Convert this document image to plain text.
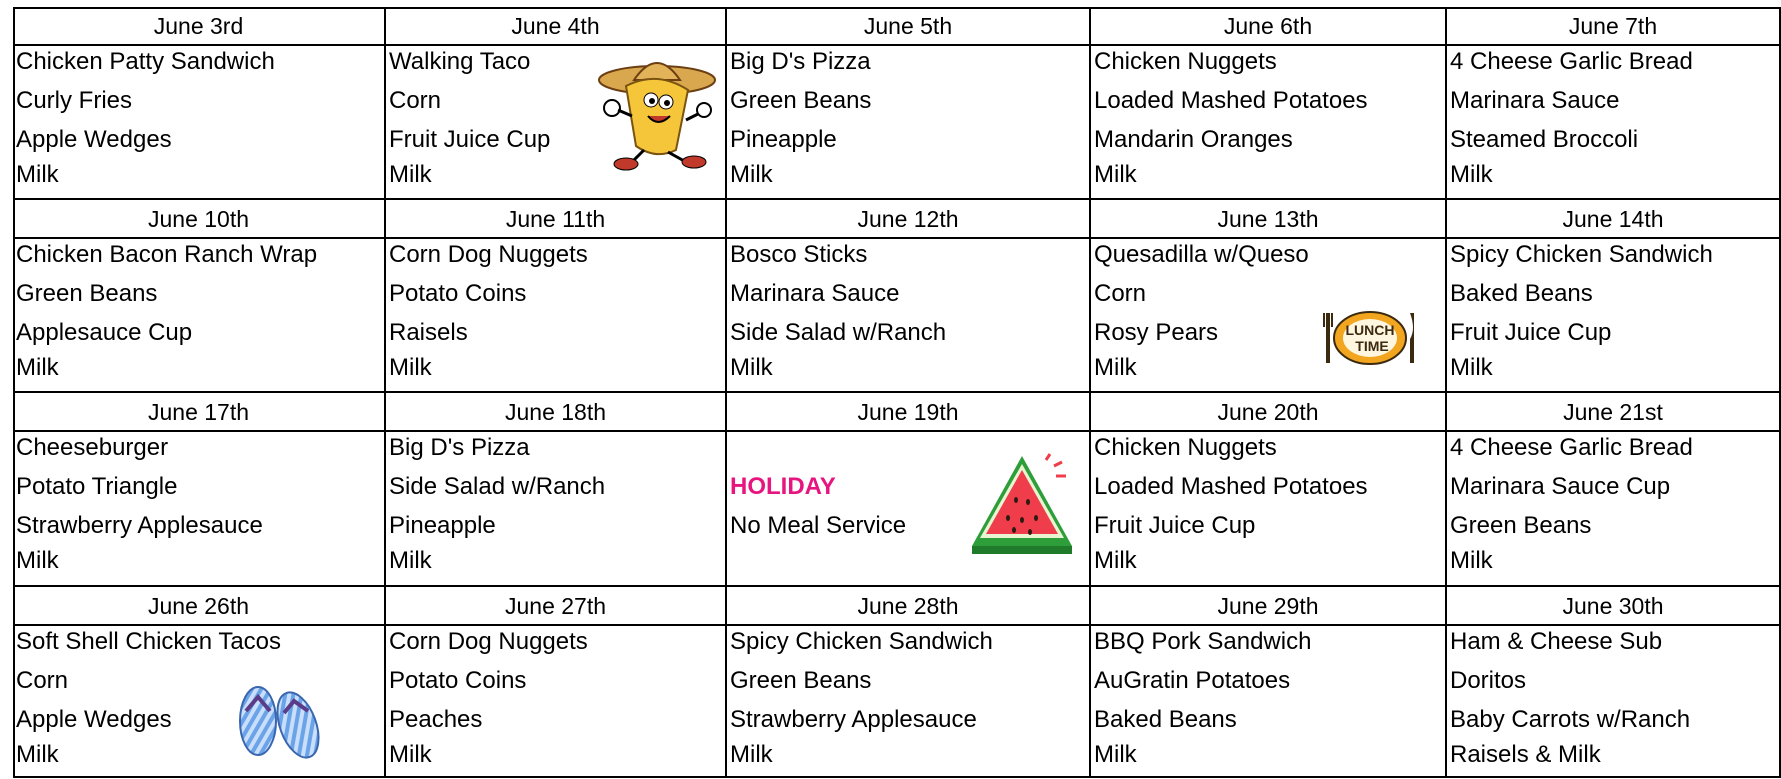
June 3rd
Chicken Patty Sandwich
Curly Fries
Apple Wedges
Milk
June 4th
Walking Taco
Corn
Fruit Juice Cup
Milk
June 5th
Big D's Pizza
Green Beans
Pineapple
Milk
June 6th
Chicken Nuggets
Loaded Mashed Potatoes
Mandarin Oranges
Milk
June 7th
4 Cheese Garlic Bread
Marinara Sauce
Steamed Broccoli
Milk
June 10th
Chicken Bacon Ranch Wrap
Green Beans
Applesauce Cup
Milk
June 11th
Corn Dog Nuggets
Potato Coins
Raisels
Milk
June 12th
Bosco Sticks
Marinara Sauce
Side Salad w/Ranch
Milk
June 13th
Quesadilla w/Queso
Corn
Rosy Pears
Milk
June 14th
Spicy Chicken Sandwich
Baked Beans
Fruit Juice Cup
Milk
June 17th
Cheeseburger
Potato Triangle
Strawberry Applesauce
Milk
June 18th
Big D's Pizza
Side Salad w/Ranch
Pineapple
Milk
June 19th
HOLIDAY
No Meal Service
June 20th
Chicken Nuggets
Loaded Mashed Potatoes
Fruit Juice Cup
Milk
June 21st
4 Cheese Garlic Bread
Marinara Sauce Cup
Green Beans
Milk
June 26th
Soft Shell Chicken Tacos
Corn
Apple Wedges
Milk
June 27th
Corn Dog Nuggets
Potato Coins
Peaches
Milk
June 28th
Spicy Chicken Sandwich
Green Beans
Strawberry Applesauce
Milk
June 29th
BBQ Pork Sandwich
AuGratin Potatoes
Baked Beans
Milk
June 30th
Ham & Cheese Sub
Doritos
Baby Carrots w/Ranch
Raisels & Milk
LUNCH
TIME
